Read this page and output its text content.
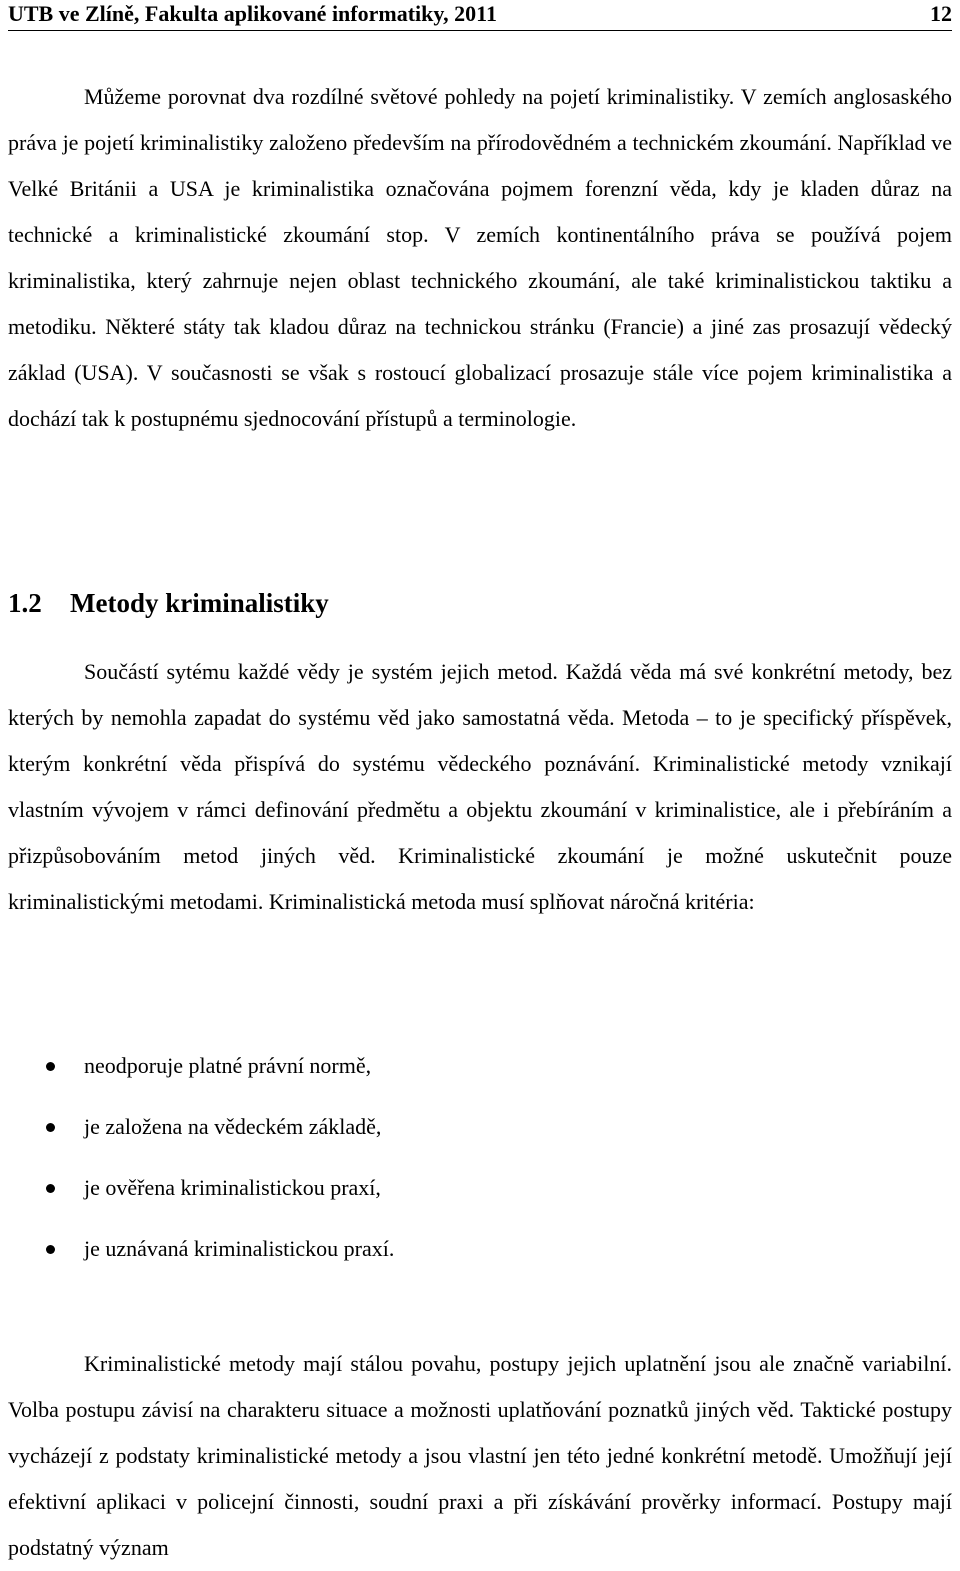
UTB ve Zlíně, Fakulta aplikované informatiky, 2011	12

Můžeme porovnat dva rozdílné světové pohledy na pojetí kriminalistiky. V zemích anglosaského práva je pojetí kriminalistiky založeno především na přírodovědném a technickém zkoumání. Například ve Velké Británii a USA je kriminalistika označována pojmem forenzní věda, kdy je kladen důraz na technické a kriminalistické zkoumání stop. V zemích kontinentálního práva se používá pojem kriminalistika, který zahrnuje nejen oblast technického zkoumání, ale také kriminalistickou taktiku a metodiku. Některé státy tak kladou důraz na technickou stránku (Francie) a jiné zas prosazují vědecký základ (USA). V současnosti se však s rostoucí globalizací prosazuje stále více pojem kriminalistika a dochází tak k postupnému sjednocování přístupů a terminologie.

1.2 Metody kriminalistiky

Součástí sytému každé vědy je systém jejich metod. Každá věda má své konkrétní metody, bez kterých by nemohla zapadat do systému věd jako samostatná věda. Metoda – to je specifický příspěvek, kterým konkrétní věda přispívá do systému vědeckého poznávání. Kriminalistické metody vznikají vlastním vývojem v rámci definování předmětu a objektu zkoumání v kriminalistice, ale i přebíráním a přizpůsobováním metod jiných věd. Kriminalistické zkoumání je možné uskutečnit pouze kriminalistickými metodami. Kriminalistická metoda musí splňovat náročná kritéria:

neodporuje platné právní normě,
je založena na vědeckém základě,
je ověřena kriminalistickou praxí,
je uznávaná kriminalistickou praxí.

Kriminalistické metody mají stálou povahu, postupy jejich uplatnění jsou ale značně variabilní. Volba postupu závisí na charakteru situace a možnosti uplatňování poznatků jiných věd. Taktické postupy vycházejí z podstaty kriminalistické metody a jsou vlastní jen této jedné konkrétní metodě. Umožňují její efektivní aplikaci v policejní činnosti, soudní praxi a při získávání prověrky informací. Postupy mají podstatný význam
